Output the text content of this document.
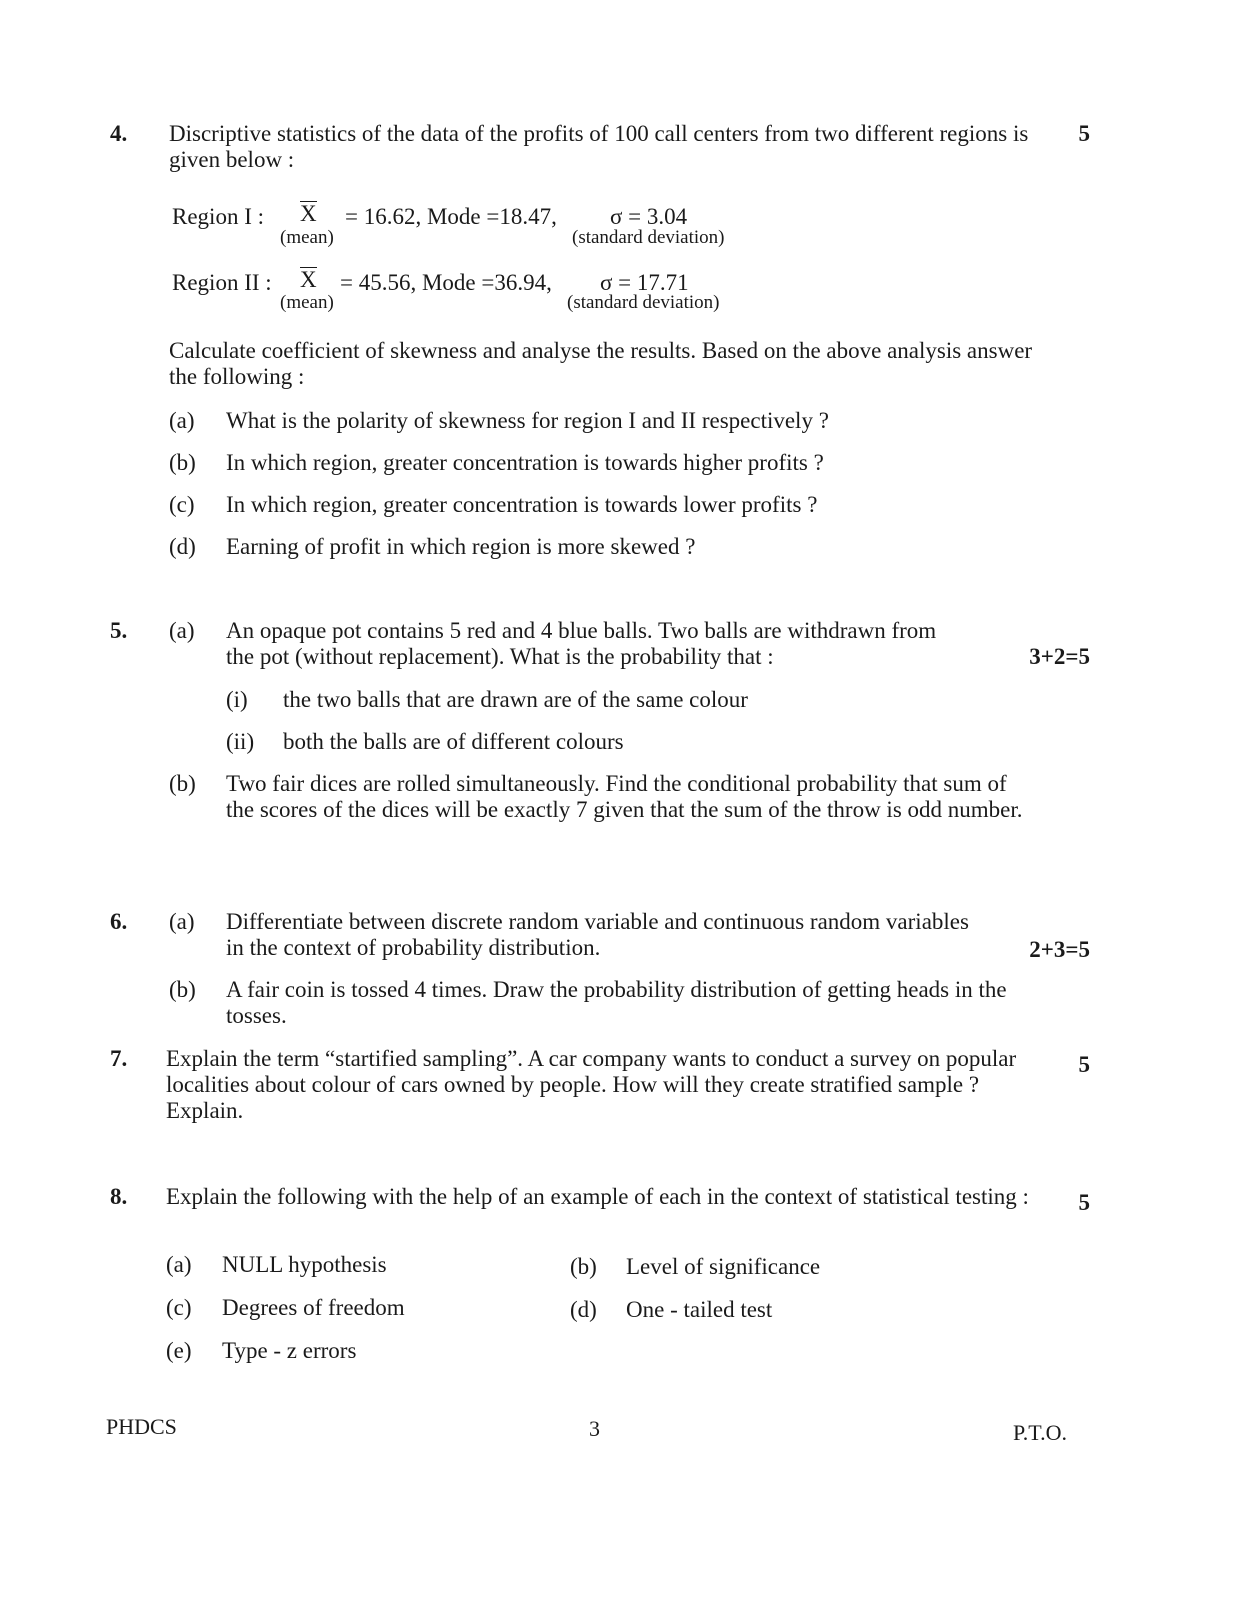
4. Discriptive statistics of the data of the profits of 100 call centers from two different regions is given below :
5
Region I : X = 16.62, Mode =18.47, σ = 3.04
(mean)	(standard deviation)
Region II : X = 45.56, Mode =36.94, σ = 17.71
(mean)	(standard deviation)
Calculate coefficient of skewness and analyse the results. Based on the above analysis answer the following :
(a) What is the polarity of skewness for region I and II respectively ?
(b) In which region, greater concentration is towards higher profits ?
(c) In which region, greater concentration is towards lower profits ?
(d) Earning of profit in which region is more skewed ?
5. (a) An opaque pot contains 5 red and 4 blue balls. Two balls are withdrawn from
the pot (without replacement). What is the probability that :	3+2=5
(i) the two balls that are drawn are of the same colour
(ii) both the balls are of different colours
(b) Two fair dices are rolled simultaneously. Find the conditional probability that sum of the scores of the dices will be exactly 7 given that the sum of the throw is odd number.
6. (a) Differentiate between discrete random variable and continuous random variables
in the context of probability distribution.	2+3=5
(b) A fair coin is tossed 4 times. Draw the probability distribution of getting heads in the tosses.
7. Explain the term “startified sampling”. A car company wants to conduct a survey on popular localities about colour of cars owned by people. How will they create stratified sample ? Explain.
5
8. Explain the following with the help of an example of each in the context of statistical testing :	5
(a) NULL hypothesis	(b) Level of significance
(c) Degrees of freedom	(d) One - tailed test
(e) Type - z errors
PHDCS	3	P.T.O.
